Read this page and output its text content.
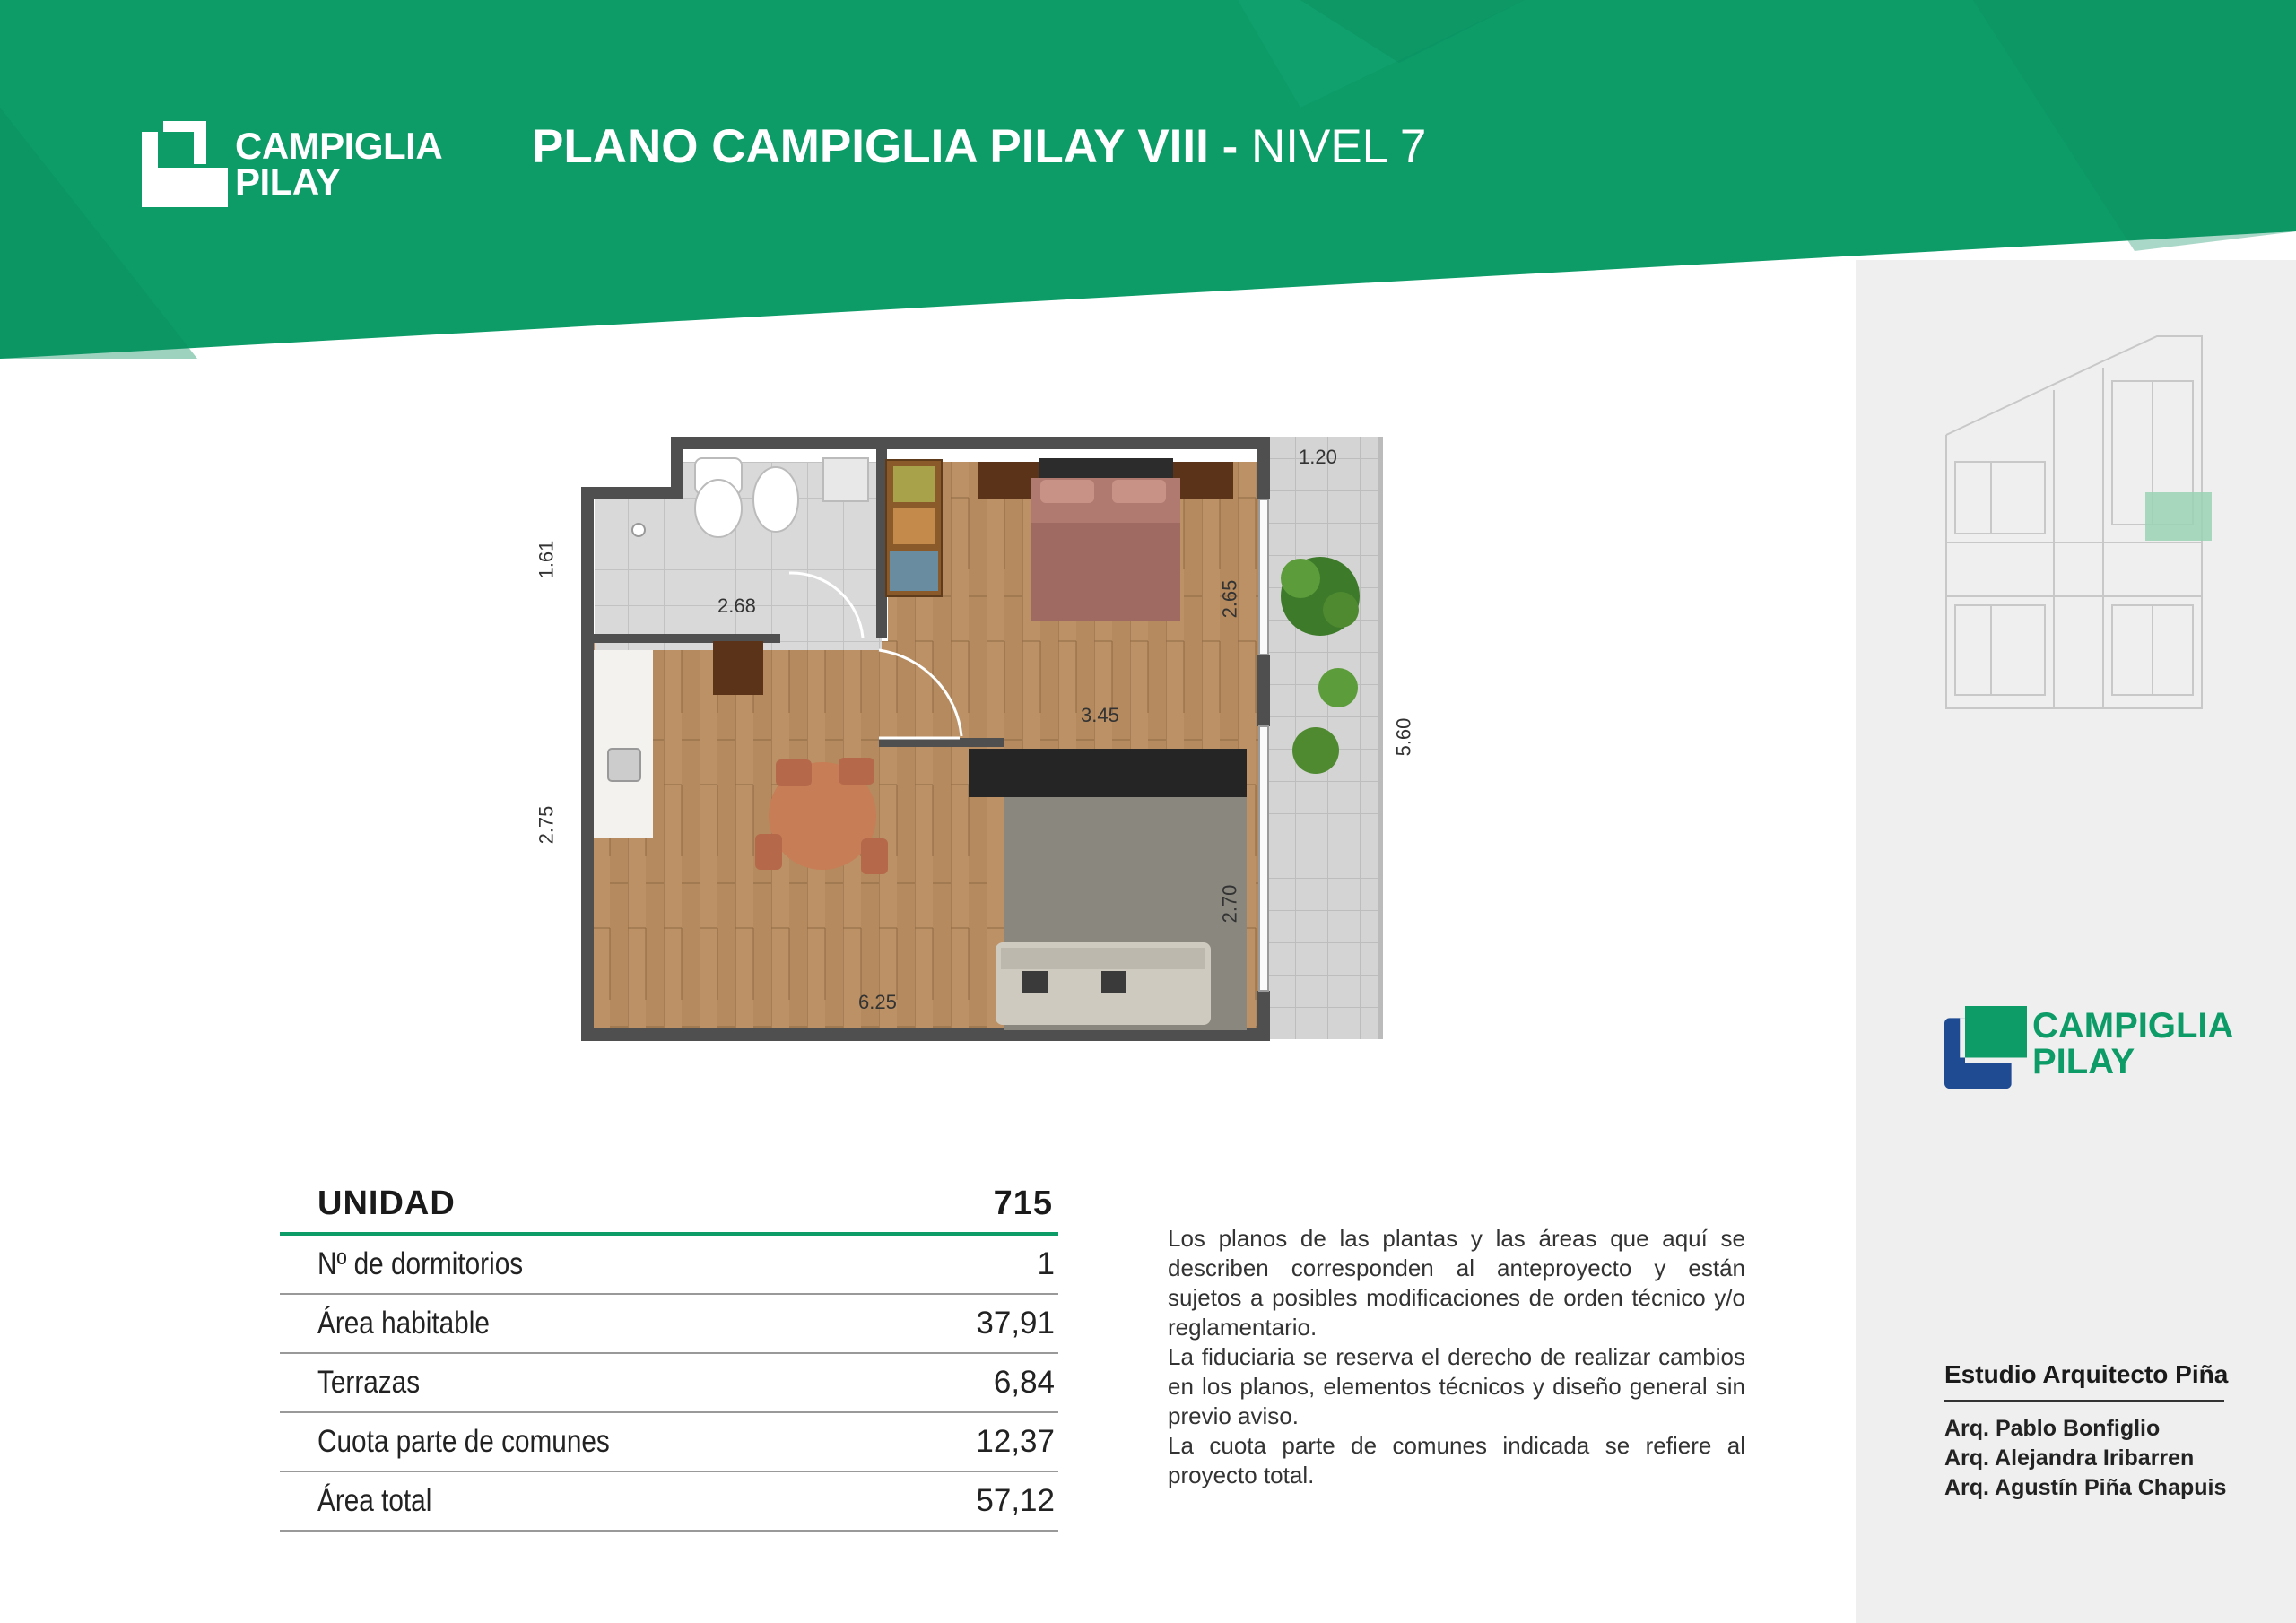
CAMPIGLIA
PILAY
PLANO CAMPIGLIA PILAY VIII - NIVEL 7
1.20
5.60
1.61
2.68	2.65
3.45
2.75
2.70
6.25
UNIDAD	715
Nº de dormitorios	1
Área habitable	37,91
Terrazas	6,84
Cuota parte de comunes	12,37
Área total	57,12

Los planos de las plantas y las áreas que aquí se describen corresponden al anteproyecto y están sujetos a posibles modificaciones de orden técnico y/o reglamentario.

La fiduciaria se reserva el derecho de realizar cambios en los planos, elementos técnicos y diseño general sin previo aviso.

La cuota parte de comunes indicada se refiere al proyecto total.

CAMPIGLIA
PILAY
Estudio Arquitecto Piña
Arq. Pablo Bonfiglio
Arq. Alejandra Iribarren
Arq. Agustín Piña Chapuis
